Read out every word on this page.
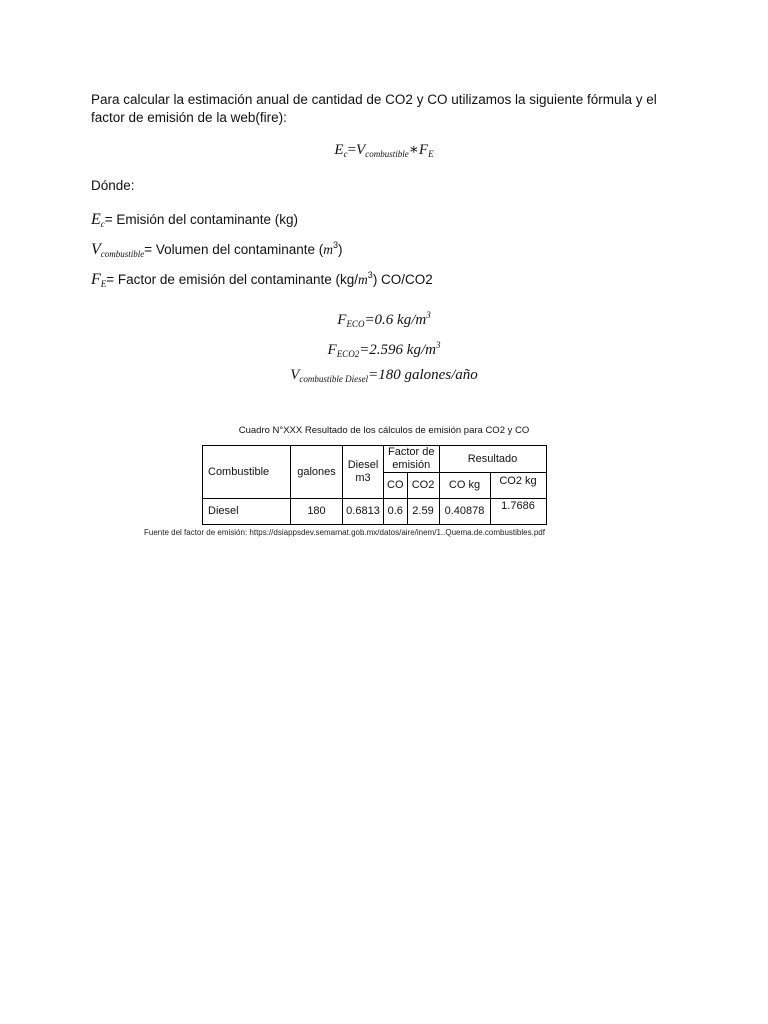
Para calcular la estimación anual de cantidad de CO2 y CO utilizamos la siguiente fórmula y el factor de emisión de la web(fire):

$E_c=V_{combustible}∗F_E$

Dónde:

$E_c=$ Emisión del contaminante (kg)
$V_{combustible}=$ Volumen del contaminante $(m^3)$
$F_E=$ Factor de emisión del contaminante $(kg/m^3)$ CO/CO2
$F_{ECO}=0.6$ $kg/m^3$
$F_{ECO2}=2.596$ $kg/m^3$
$V_{combustible Diesel}=180$ galones/año
Cuadro N°XXX Resultado de los cálculos de emisión para CO2 y CO
Combustible	galones	Diesel m3	Factor de emisión		Resultado	
			CO	CO2	CO kg	CO2 kg
Diesel	180	0.6813	0.6	2.59	0.40878	1.7686
Fuente del factor de emisión: https://dsiappsdev.semarnat.gob.mx/datos/aire/inem/1..Quema.de.combustibles.pdf
